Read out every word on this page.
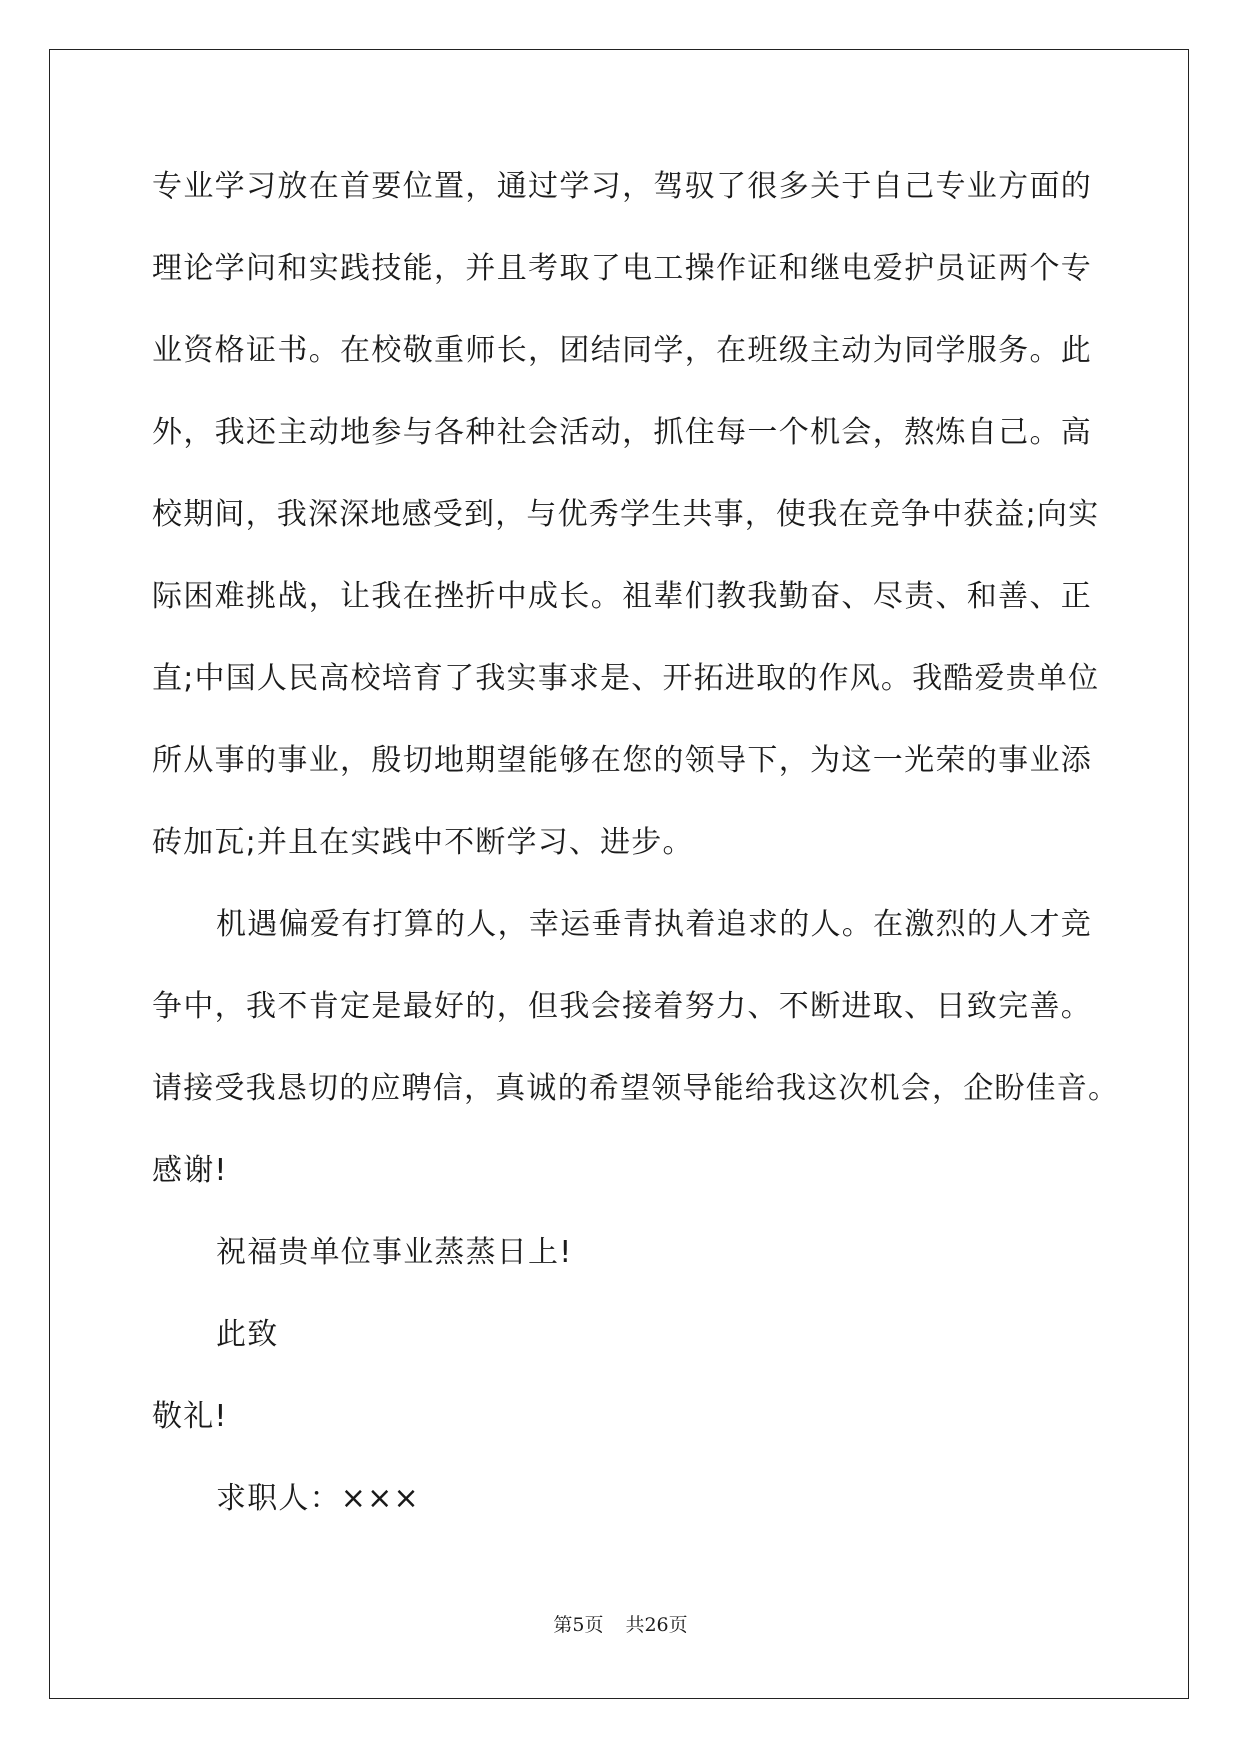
专业学习放在首要位置，通过学习，驾驭了很多关于自己专业方面的
理论学问和实践技能，并且考取了电工操作证和继电爱护员证两个专
业资格证书。在校敬重师长，团结同学，在班级主动为同学服务。此
外，我还主动地参与各种社会活动，抓住每一个机会，熬炼自己。高
校期间，我深深地感受到，与优秀学生共事，使我在竞争中获益;向实
际困难挑战，让我在挫折中成长。祖辈们教我勤奋、尽责、和善、正
直;中国人民高校培育了我实事求是、开拓进取的作风。我酷爱贵单位
所从事的事业，殷切地期望能够在您的领导下，为这一光荣的事业添
砖加瓦;并且在实践中不断学习、进步。
机遇偏爱有打算的人，幸运垂青执着追求的人。在激烈的人才竞
争中，我不肯定是最好的，但我会接着努力、不断进取、日致完善。
请接受我恳切的应聘信，真诚的希望领导能给我这次机会，企盼佳音。
感谢!
祝福贵单位事业蒸蒸日上!
此致
敬礼!
求职人：×××
第5页 共26页
